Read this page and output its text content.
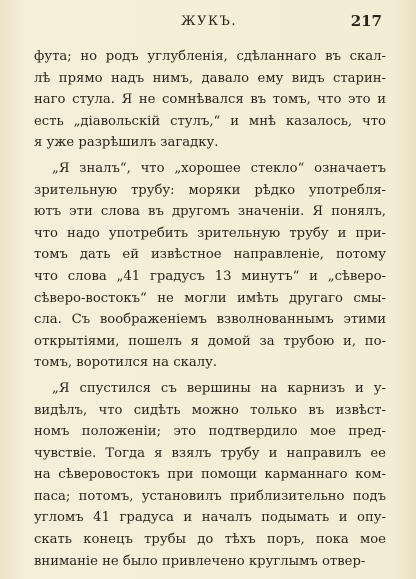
ЖУКЪ.	217
фута; но родъ углубленія, сдѣланнаго въ скал-
лѣ прямо надъ нимъ, давало ему видъ старин-
наго стула. Я не сомнѣвался въ томъ, что это и
есть „діавольскій стулъ,“ и мнѣ казалось, что
я уже разрѣшилъ загадку.
„Я зналъ“, что „хорошее стекло“ означаетъ
зрительную трубу: моряки рѣдко употребля-
ютъ эти слова въ другомъ значеніи. Я понялъ,
что надо употребить зрительную трубу и при-
томъ дать ей извѣстное направленіе, потому
что слова „41 градусъ 13 минутъ“ и „сѣверо-
сѣверо-востокъ“ не могли имѣть другаго смы-
сла. Съ воображеніемъ взволнованнымъ этими
открытіями, пошелъ я домой за трубою и, по-
томъ, воротился на скалу.
„Я спустился съ вершины на карнизъ и у-
видѣлъ, что сидѣть можно только въ извѣст-
номъ положеніи; это подтвердило мое пред-
чувствіе. Тогда я взялъ трубу и направилъ ее
на сѣверовостокъ при помощи карманнаго ком-
паса; потомъ, установилъ приблизительно подъ
угломъ 41 градуса и началъ подымать и опу-
скать конецъ трубы до тѣхъ поръ, пока мое
вниманіе не было привлечено круглымъ отвер-
